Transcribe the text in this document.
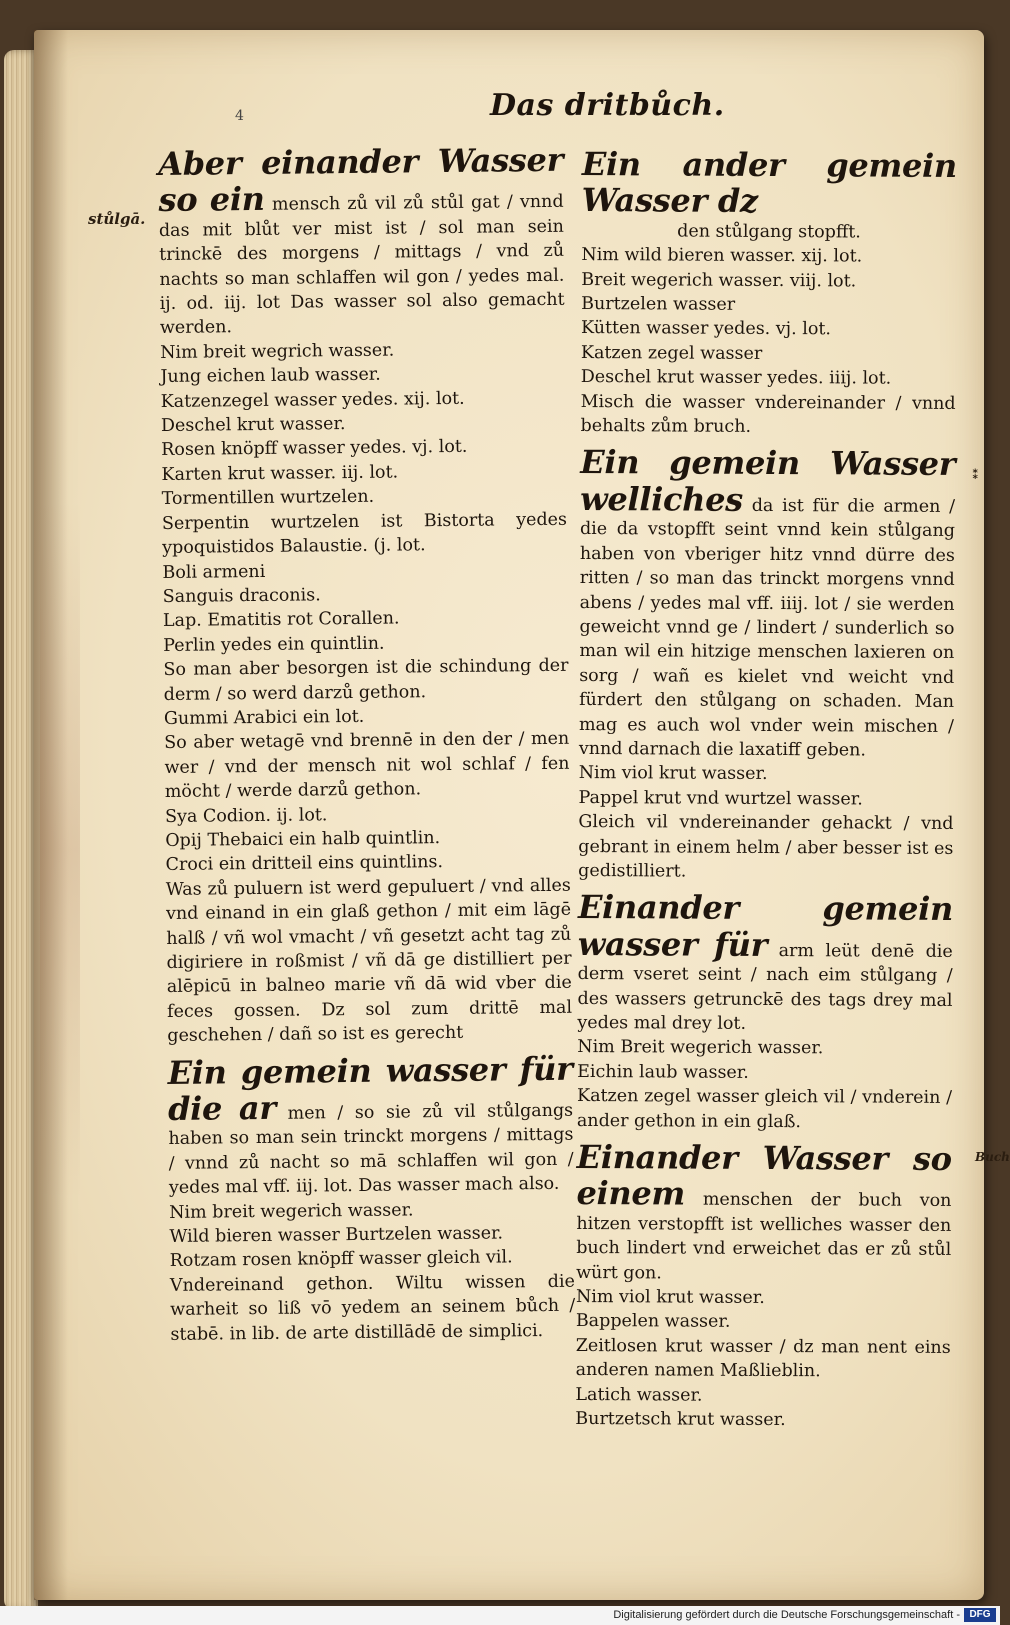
4	Das dritbůch.
stůlgā.
⁑
Buch
Aber einander Wasser so ein mensch zů vil zů stůl gat / vnnd das mit blůt ver mist ist / sol man sein trinckē des morgens / mittags / vnd zů nachts so man schlaffen wil gon / yedes mal. ij. od. iij. lot Das wasser sol also gemacht werden.
Nim breit wegrich wasser.
Jung eichen laub wasser.
Katzenzegel wasser yedes. xij. lot.
Deschel krut wasser.
Rosen knöpff wasser yedes. vj. lot.
Karten krut wasser. iij. lot.
Tormentillen wurtzelen.
Serpentin wurtzelen ist Bistorta yedes ypoquistidos Balaustie. (j. lot.
Boli armeni
Sanguis draconis.
Lap. Ematitis rot Corallen.
Perlin yedes ein quintlin.
So man aber besorgen ist die schindung der derm / so werd darzů gethon.
Gummi Arabici ein lot.
So aber wetagē vnd brennē in den der / men wer / vnd der mensch nit wol schlaf / fen möcht / werde darzů gethon.
Sya Codion. ij. lot.
Opij Thebaici ein halb quintlin.
Croci ein dritteil eins quintlins.
Was zů puluern ist werd gepuluert / vnd alles vnd einand in ein glaß gethon / mit eim lāgē halß / vñ wol vmacht / vñ gesetzt acht tag zů digiriere in roßmist / vñ dā ge distilliert per alēpicū in balneo marie vñ dā wid vber die feces gossen. Dz sol zum drittē mal geschehen / dañ so ist es gerecht
Ein gemein wasser für die ar men / so sie zů vil stůlgangs haben so man sein trinckt morgens / mittags / vnnd zů nacht so mā schlaffen wil gon / yedes mal vff. iij. lot. Das wasser mach also.
Nim breit wegerich wasser.
Wild bieren wasser Burtzelen wasser.
Rotzam rosen knöpff wasser gleich vil.
Vndereinand gethon. Wiltu wissen die warheit so liß vō yedem an seinem bůch / stabē. in lib. de arte distillādē de simplici.
Ein ander gemein Wasser dz
den stůlgang stopfft.
Nim wild bieren wasser. xij. lot.
Breit wegerich wasser. viij. lot.
Burtzelen wasser
Kütten wasser yedes. vj. lot.
Katzen zegel wasser
Deschel krut wasser yedes. iiij. lot.
Misch die wasser vndereinander / vnnd behalts zům bruch.
Ein gemein Wasser welliches da ist für die armen / die da vstopfft seint vnnd kein stůlgang haben von vberiger hitz vnnd dürre des ritten / so man das trinckt morgens vnnd abens / yedes mal vff. iiij. lot / sie werden geweicht vnnd ge / lindert / sunderlich so man wil ein hitzige menschen laxieren on sorg / wañ es kielet vnd weicht vnd fürdert den stůlgang on schaden. Man mag es auch wol vnder wein mischen / vnnd darnach die laxatiff geben.
Nim viol krut wasser.
Pappel krut vnd wurtzel wasser.
Gleich vil vndereinander gehackt / vnd gebrant in einem helm / aber besser ist es gedistilliert.
Einander gemein wasser für arm leüt denē die derm vseret seint / nach eim stůlgang / des wassers getrunckē des tags drey mal yedes mal drey lot.
Nim Breit wegerich wasser.
Eichin laub wasser.
Katzen zegel wasser gleich vil / vnderein / ander gethon in ein glaß.
Einander Wasser so einem menschen der buch von hitzen verstopfft ist welliches wasser den buch lindert vnd erweichet das er zů stůl würt gon.
Nim viol krut wasser.
Bappelen wasser.
Zeitlosen krut wasser / dz man nent eins anderen namen Maßlieblin.
Latich wasser.
Burtzetsch krut wasser.
Digitalisierung gefördert durch die Deutsche Forschungsgemeinschaft - DFG
